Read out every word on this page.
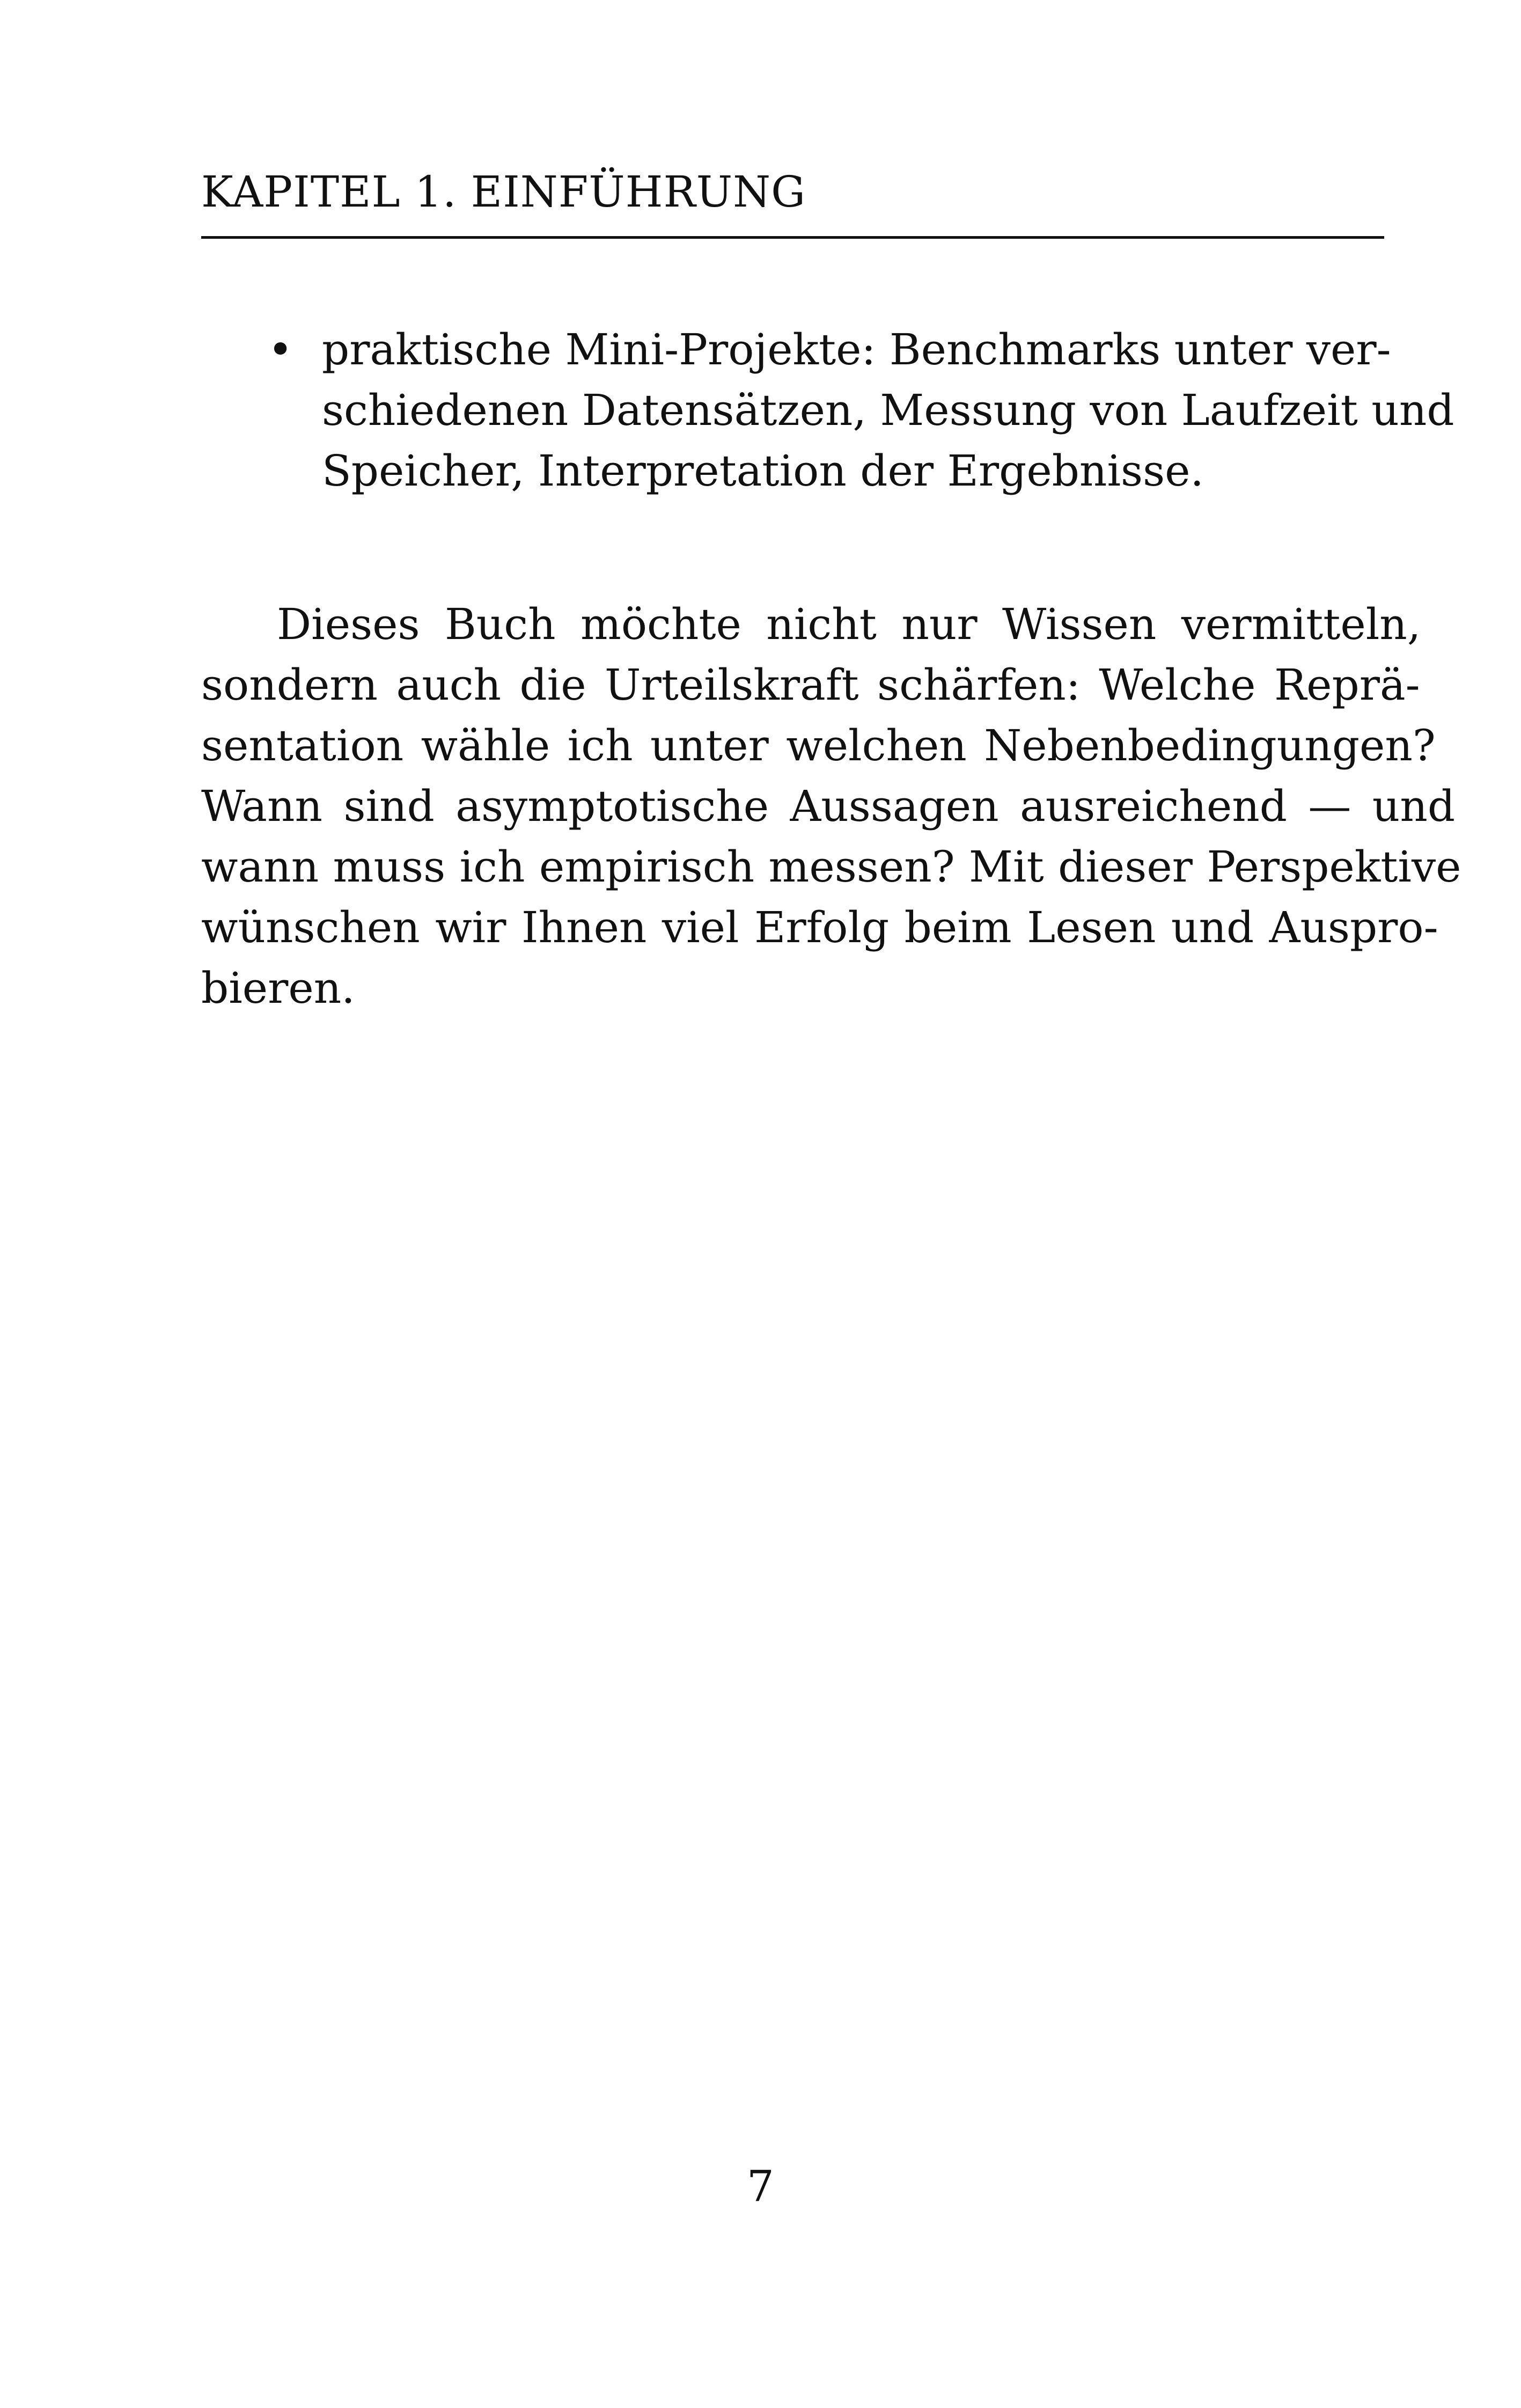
KAPITEL 1. EINFÜHRUNG
• praktische Mini-Projekte: Benchmarks unter ver-
schiedenen Datensätzen, Messung von Laufzeit und
Speicher, Interpretation der Ergebnisse.
Dieses Buch möchte nicht nur Wissen vermitteln,
sondern auch die Urteilskraft schärfen: Welche Reprä-
sentation wähle ich unter welchen Nebenbedingungen?
Wann sind asymptotische Aussagen ausreichend — und
wann muss ich empirisch messen? Mit dieser Perspektive
wünschen wir Ihnen viel Erfolg beim Lesen und Auspro-
bieren.
7
